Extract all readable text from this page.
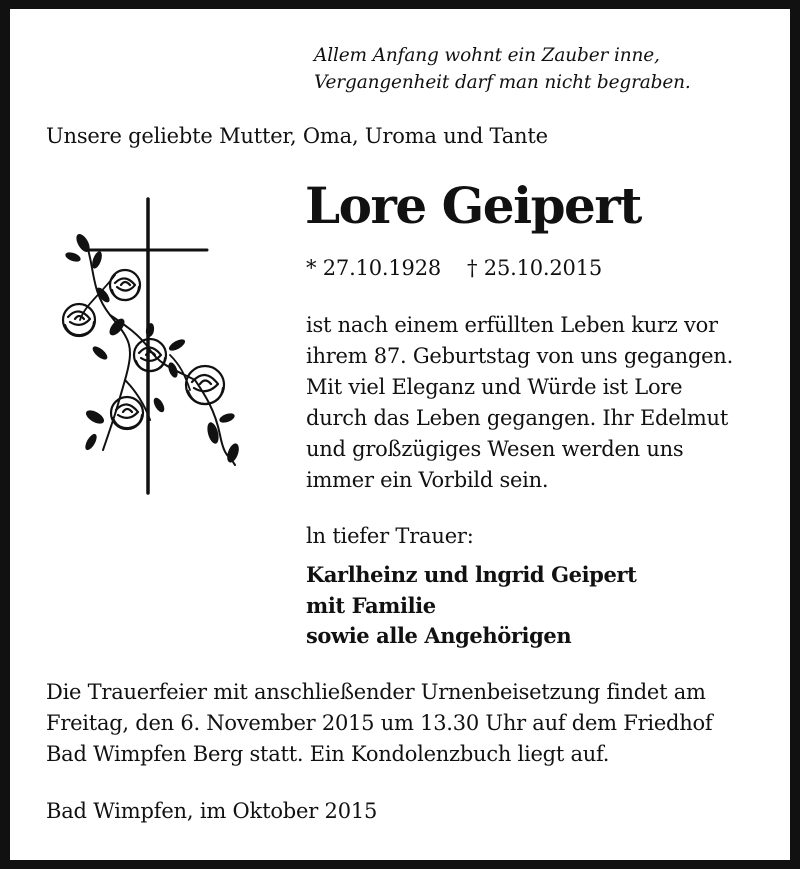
Allem Anfang wohnt ein Zauber inne,
Vergangenheit darf man nicht begraben.
Unsere geliebte Mutter, Oma, Uroma und Tante
Lore Geipert
* 27.10.1928 † 25.10.2015
ist nach einem erfüllten Leben kurz vor
ihrem 87. Geburtstag von uns gegangen.
Mit viel Eleganz und Würde ist Lore
durch das Leben gegangen. Ihr Edelmut
und großzügiges Wesen werden uns
immer ein Vorbild sein.
ln tiefer Trauer:
Karlheinz und lngrid Geipert
mit Familie
sowie alle Angehörigen
Die Trauerfeier mit anschließender Urnenbeisetzung findet am
Freitag, den 6. November 2015 um 13.30 Uhr auf dem Friedhof
Bad Wimpfen Berg statt. Ein Kondolenzbuch liegt auf.
Bad Wimpfen, im Oktober 2015
